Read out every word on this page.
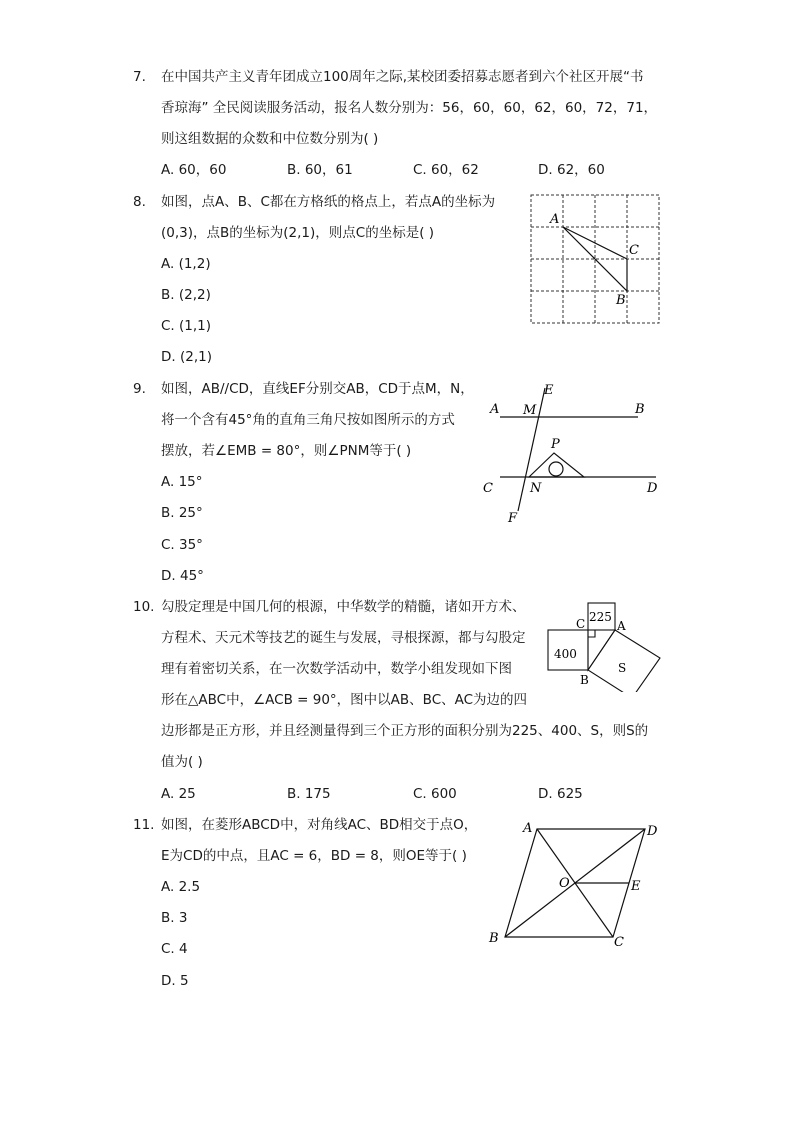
7. 在中国共产主义青年团成立100周年之际,某校团委招募志愿者到六个社区开展“书
香琼海” 全民阅读服务活动，报名人数分别为：56，60，60，62，60，72，71，
则这组数据的众数和中位数分别为( )
A. 60，60	B. 60，61	C. 60，62	D. 62，60
8. 如图，点A、B、C都在方格纸的格点上，若点A的坐标为
(0,3)，点B的坐标为(2,1)，则点C的坐标是( )
A. (1,2)
B. (2,2)
C. (1,1)
D. (2,1)
A
C
B
9. 如图，AB//CD，直线EF分别交AB，CD于点M，N，
将一个含有45°角的直角三角尺按如图所示的方式
摆放，若∠EMB = 80°，则∠PNM等于( )
A. 15°
B. 25°
C. 35°
D. 45°
A M	B
E
P
C	N	D
F
10. 勾股定理是中国几何的根源，中华数学的精髓，诸如开方术、
方程术、天元术等技艺的诞生与发展，寻根探源，都与勾股定
理有着密切关系，在一次数学活动中，数学小组发现如下图
形在△ABC中，∠ACB = 90°，图中以AB、BC、AC为边的四
边形都是正方形，并且经测量得到三个正方形的面积分别为225、400、S，则S的
值为( )
A. 25	B. 175	C. 600	D. 625
225
400
C	A
B
S
11. 如图，在菱形ABCD中，对角线AC、BD相交于点O，
E为CD的中点，且AC = 6，BD = 8，则OE等于( )
A. 2.5
B. 3
C. 4
D. 5
A	D
O	E
B	C
